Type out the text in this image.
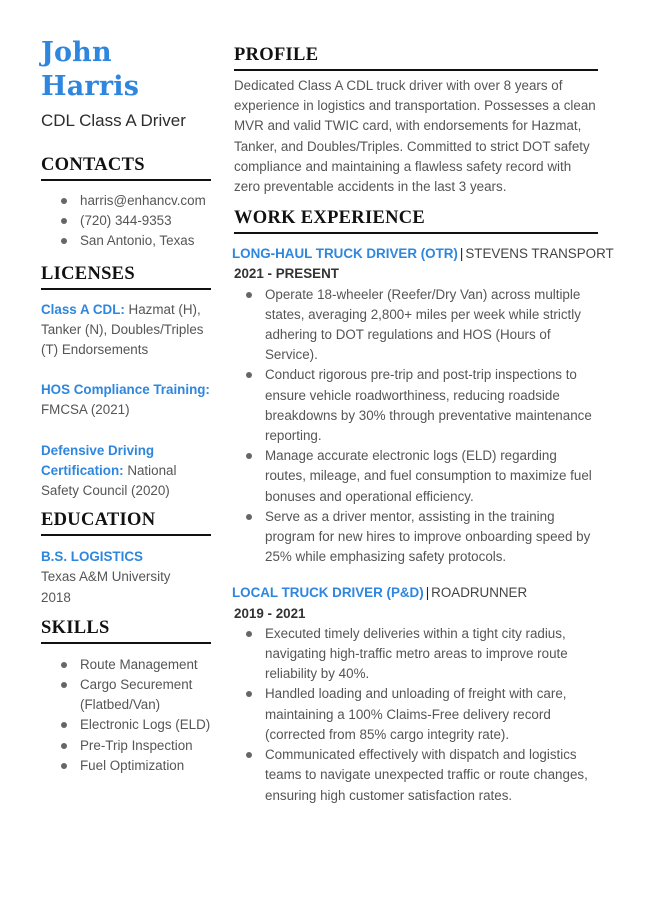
John
Harris
CDL Class A Driver
CONTACTS
harris@enhancv.com
(720) 344-9353
San Antonio, Texas
LICENSES
Class A CDL: Hazmat (H), Tanker (N), Doubles/Triples (T) Endorsements
HOS Compliance Training: FMCSA (2021)
Defensive Driving Certification: National Safety Council (2020)
EDUCATION
B.S. LOGISTICS
Texas A&M University
2018
SKILLS
Route Management
Cargo Securement (Flatbed/Van)
Electronic Logs (ELD)
Pre-Trip Inspection
Fuel Optimization
PROFILE
Dedicated Class A CDL truck driver with over 8 years of experience in logistics and transportation. Possesses a clean MVR and valid TWIC card, with endorsements for Hazmat, Tanker, and Doubles/Triples. Committed to strict DOT safety compliance and maintaining a flawless safety record with zero preventable accidents in the last 3 years.
WORK EXPERIENCE
LONG-HAUL TRUCK DRIVER (OTR) | STEVENS TRANSPORT
2021 - PRESENT
Operate 18-wheeler (Reefer/Dry Van) across multiple states, averaging 2,800+ miles per week while strictly adhering to DOT regulations and HOS (Hours of Service).
Conduct rigorous pre-trip and post-trip inspections to ensure vehicle roadworthiness, reducing roadside breakdowns by 30% through preventative maintenance reporting.
Manage accurate electronic logs (ELD) regarding routes, mileage, and fuel consumption to maximize fuel bonuses and operational efficiency.
Serve as a driver mentor, assisting in the training program for new hires to improve onboarding speed by 25% while emphasizing safety protocols.
LOCAL TRUCK DRIVER (P&D) | ROADRUNNER
2019 - 2021
Executed timely deliveries within a tight city radius, navigating high-traffic metro areas to improve route reliability by 40%.
Handled loading and unloading of freight with care, maintaining a 100% Claims-Free delivery record (corrected from 85% cargo integrity rate).
Communicated effectively with dispatch and logistics teams to navigate unexpected traffic or route changes, ensuring high customer satisfaction rates.
